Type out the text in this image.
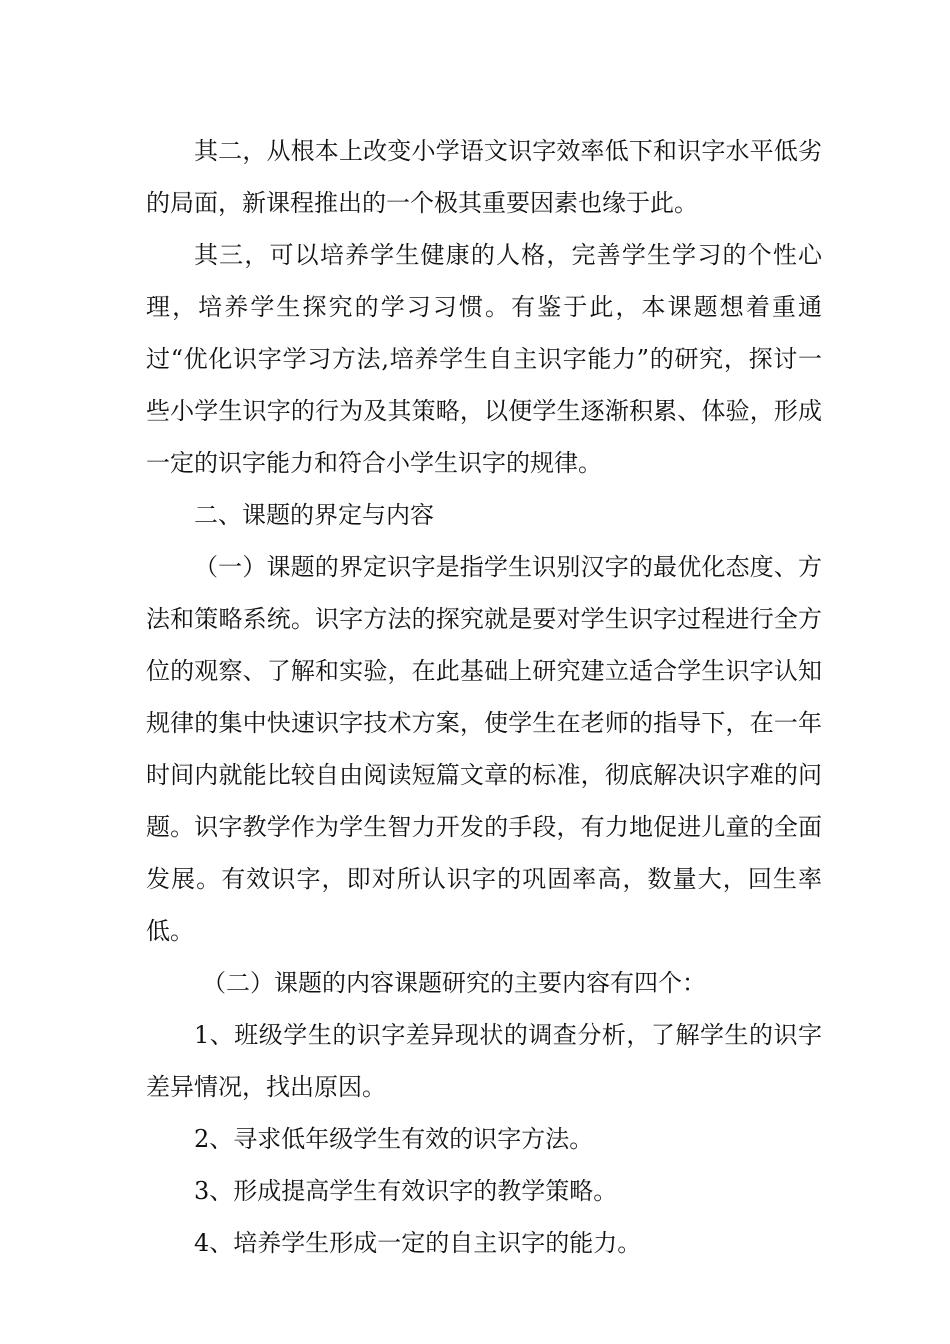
其二，从根本上改变小学语文识字效率低下和识字水平低劣的局面，新课程推出的一个极其重要因素也缘于此。

其三，可以培养学生健康的人格，完善学生学习的个性心理，培养学生探究的学习习惯。有鉴于此，本课题想着重通过“优化识字学习方法,培养学生自主识字能力”的研究，探讨一些小学生识字的行为及其策略，以便学生逐渐积累、体验，形成一定的识字能力和符合小学生识字的规律。

二、课题的界定与内容

（一）课题的界定识字是指学生识别汉字的最优化态度、方法和策略系统。识字方法的探究就是要对学生识字过程进行全方位的观察、了解和实验，在此基础上研究建立适合学生识字认知规律的集中快速识字技术方案，使学生在老师的指导下，在一年时间内就能比较自由阅读短篇文章的标准，彻底解决识字难的问题。识字教学作为学生智力开发的手段，有力地促进儿童的全面发展。有效识字，即对所认识字的巩固率高，数量大，回生率低。

（二）课题的内容课题研究的主要内容有四个：

1、班级学生的识字差异现状的调查分析，了解学生的识字差异情况，找出原因。

2、寻求低年级学生有效的识字方法。

3、形成提高学生有效识字的教学策略。

4、培养学生形成一定的自主识字的能力。
